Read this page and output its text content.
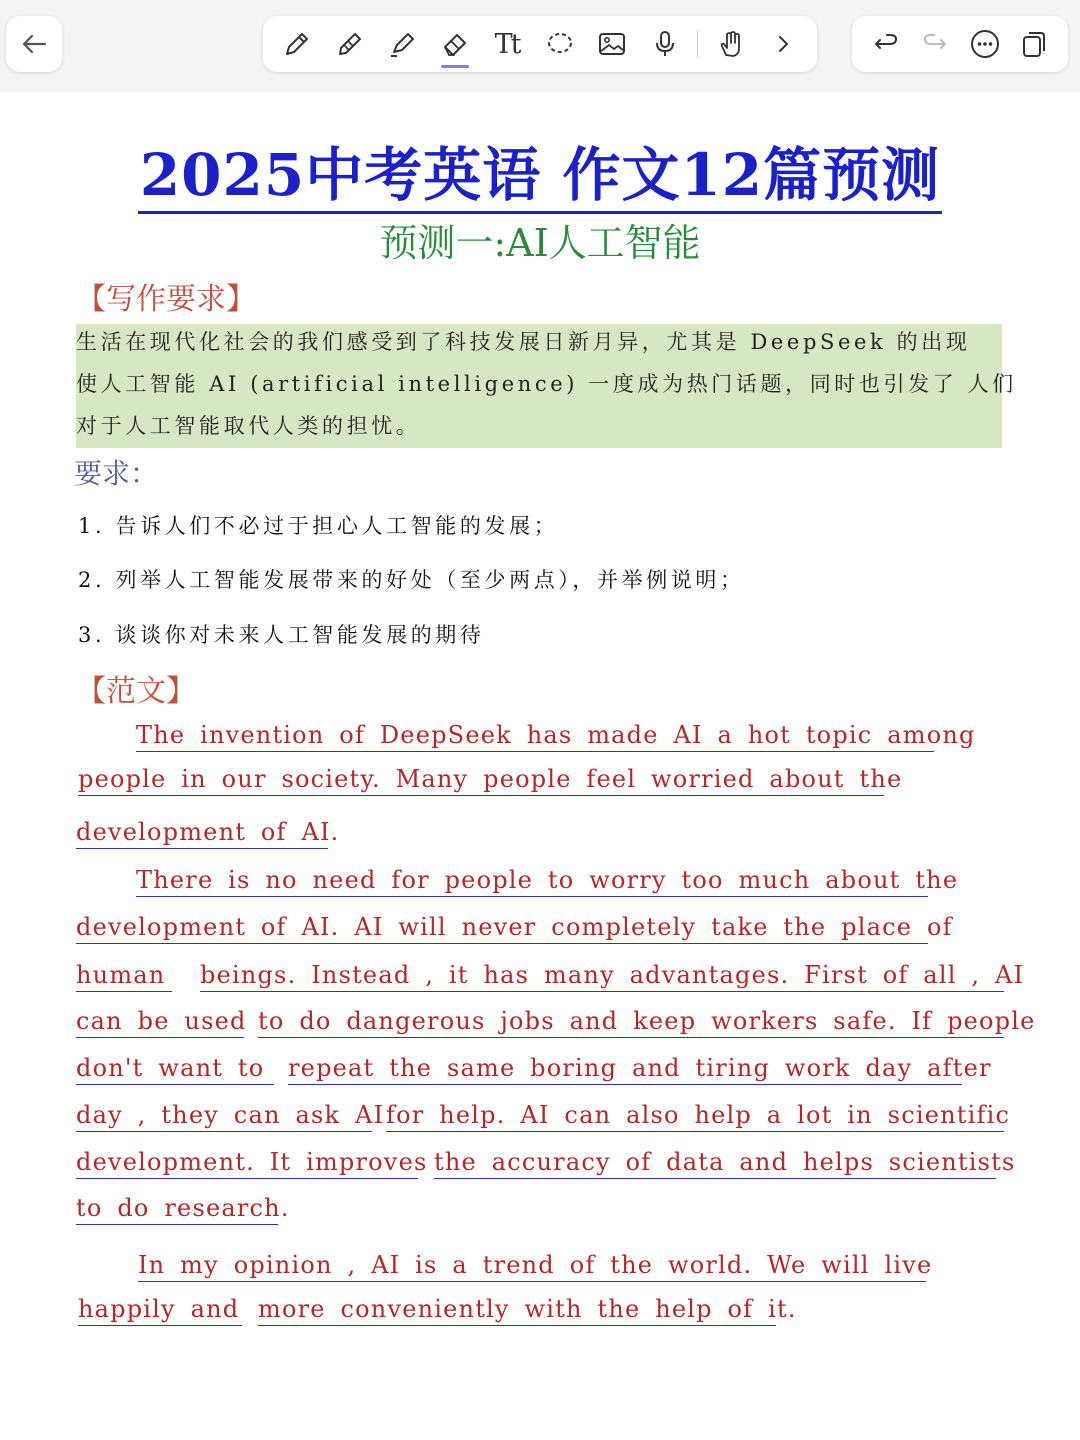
Tt
2025中考英语 作文12篇预测
预测一:AI人工智能
【写作要求】
生活在现代化社会的我们感受到了科技发展日新月异，尤其是 DeepSeek 的出现
使人工智能 AI (artificial intelligence) 一度成为热门话题，同时也引发了 人们
对于人工智能取代人类的担忧。
要求：
1. 告诉人们不必过于担心人工智能的发展；
2. 列举人工智能发展带来的好处（至少两点），并举例说明；
3. 谈谈你对未来人工智能发展的期待
【范文】
The invention of DeepSeek has made AI a hot topic among
people in our society. Many people feel worried about the
development of AI.
There is no need for people to worry too much about the
development of AI. AI will never completely take the place of
human beings. Instead , it has many advantages. First of all , AI
can be used to do dangerous jobs and keep workers safe. If people
don't want to repeat the same boring and tiring work day after
day , they can ask AI for help. AI can also help a lot in scientific
development. It improves the accuracy of data and helps scientists
to do research.
In my opinion , AI is a trend of the world. We will live
happily and more conveniently with the help of it.
